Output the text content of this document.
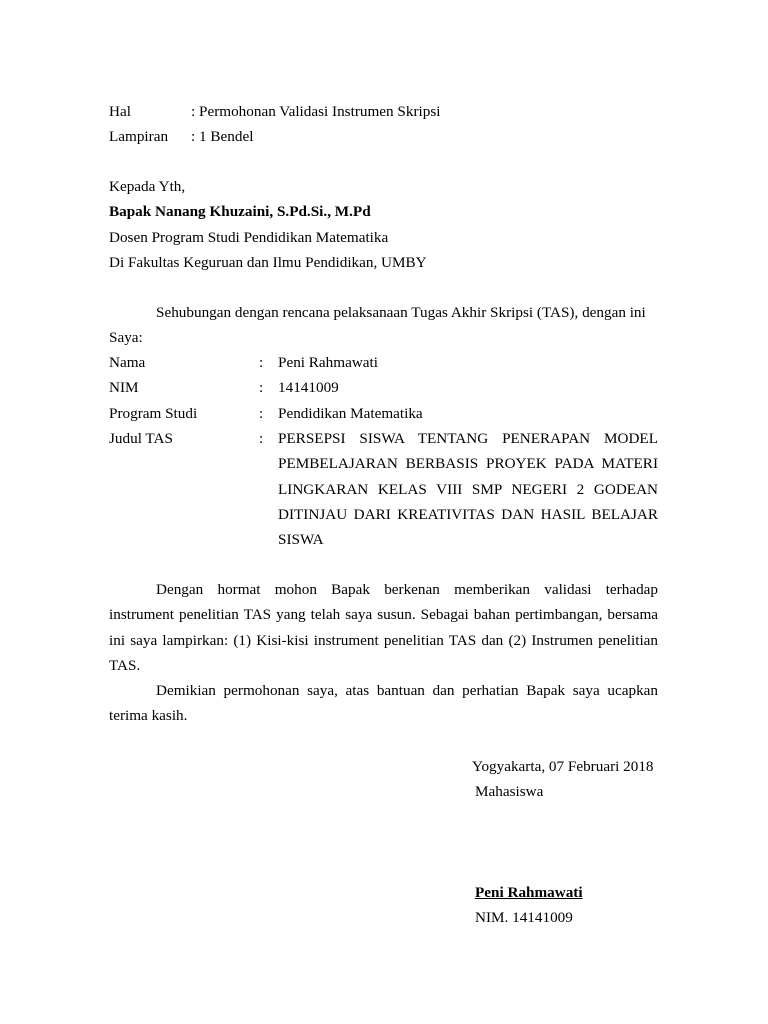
Hal	: Permohonan Validasi Instrumen Skripsi
Lampiran : 1 Bendel
Kepada Yth,
Bapak Nanang Khuzaini, S.Pd.Si., M.Pd
Dosen Program Studi Pendidikan Matematika
Di Fakultas Keguruan dan Ilmu Pendidikan, UMBY
Sehubungan dengan rencana pelaksanaan Tugas Akhir Skripsi (TAS), dengan ini
Saya:
Nama	: Peni Rahmawati
NIM	: 14141009
Program Studi	: Pendidikan Matematika
Judul TAS	: PERSEPSI SISWA TENTANG PENERAPAN MODEL
PEMBELAJARAN BERBASIS PROYEK PADA MATERI
LINGKARAN KELAS VIII SMP NEGERI 2 GODEAN
DITINJAU DARI KREATIVITAS DAN HASIL BELAJAR
SISWA
Dengan hormat mohon Bapak berkenan memberikan validasi terhadap
instrument penelitian TAS yang telah saya susun. Sebagai bahan pertimbangan, bersama
ini saya lampirkan: (1) Kisi-kisi instrument penelitian TAS dan (2) Instrumen penelitian
TAS.
Demikian permohonan saya, atas bantuan dan perhatian Bapak saya ucapkan
terima kasih.
Yogyakarta, 07 Februari 2018
Mahasiswa
Peni Rahmawati
NIM. 14141009
